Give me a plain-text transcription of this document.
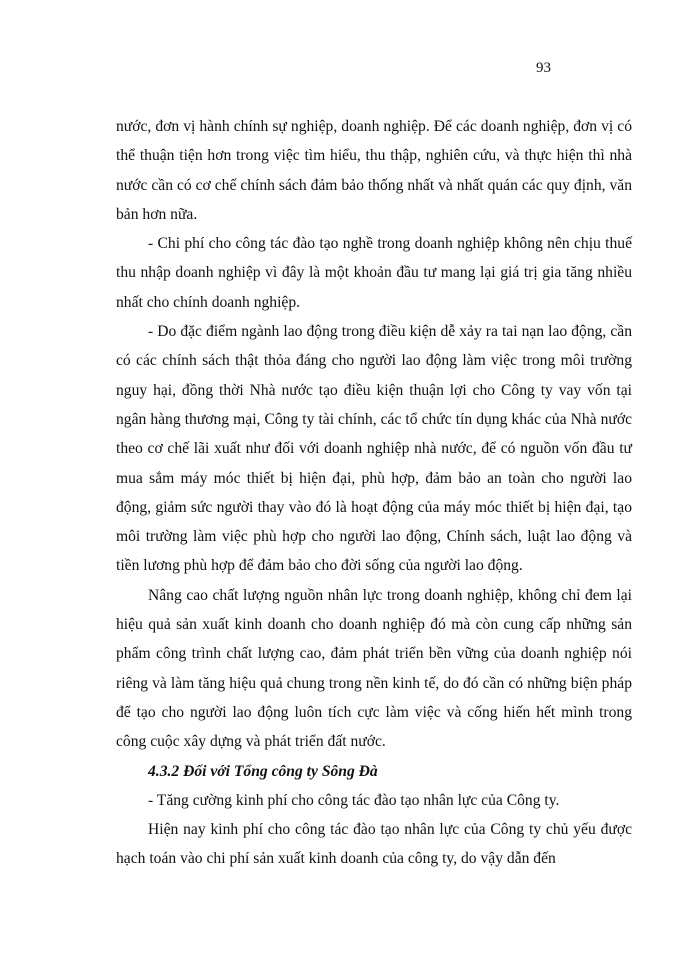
93

nước, đơn vị hành chính sự nghiệp, doanh nghiệp. Để các doanh nghiệp, đơn vị có thể thuận tiện hơn trong việc tìm hiểu, thu thập, nghiên cứu, và thực hiện thì nhà nước cần có cơ chế chính sách đảm bảo thống nhất và nhất quán các quy định, văn bản hơn nữa.

- Chi phí cho công tác đào tạo nghề trong doanh nghiệp không nên chịu thuế thu nhập doanh nghiệp vì đây là một khoản đầu tư mang lại giá trị gia tăng nhiều nhất cho chính doanh nghiệp.

- Do đặc điểm ngành lao động trong điều kiện dễ xảy ra tai nạn lao động, cần có các chính sách thật thỏa đáng cho người lao động làm việc trong môi trường nguy hại, đồng thời Nhà nước tạo điều kiện thuận lợi cho Công ty vay vốn tại ngân hàng thương mại, Công ty tài chính, các tổ chức tín dụng khác của Nhà nước theo cơ chế lãi xuất như đối với doanh nghiệp nhà nước, để có nguồn vốn đầu tư mua sắm máy móc thiết bị hiện đại, phù hợp, đảm bảo an toàn cho người lao động, giảm sức người thay vào đó là hoạt động của máy móc thiết bị hiện đại, tạo môi trường làm việc phù hợp cho người lao động, Chính sách, luật lao động và tiền lương phù hợp để đảm bảo cho đời sống của người lao động.

Nâng cao chất lượng nguồn nhân lực trong doanh nghiệp, không chỉ đem lại hiệu quả sản xuất kinh doanh cho doanh nghiệp đó mà còn cung cấp những sản phẩm công trình chất lượng cao, đảm phát triển bền vững của doanh nghiệp nói riêng và làm tăng hiệu quả chung trong nền kinh tế, do đó cần có những biện pháp để tạo cho người lao động luôn tích cực làm việc và cống hiến hết mình trong công cuộc xây dựng và phát triển đất nước.

4.3.2 Đối với Tổng công ty Sông Đà

- Tăng cường kinh phí cho công tác đào tạo nhân lực của Công ty.

Hiện nay kinh phí cho công tác đào tạo nhân lực của Công ty chủ yếu được hạch toán vào chi phí sản xuất kinh doanh của công ty, do vậy dẫn đến
